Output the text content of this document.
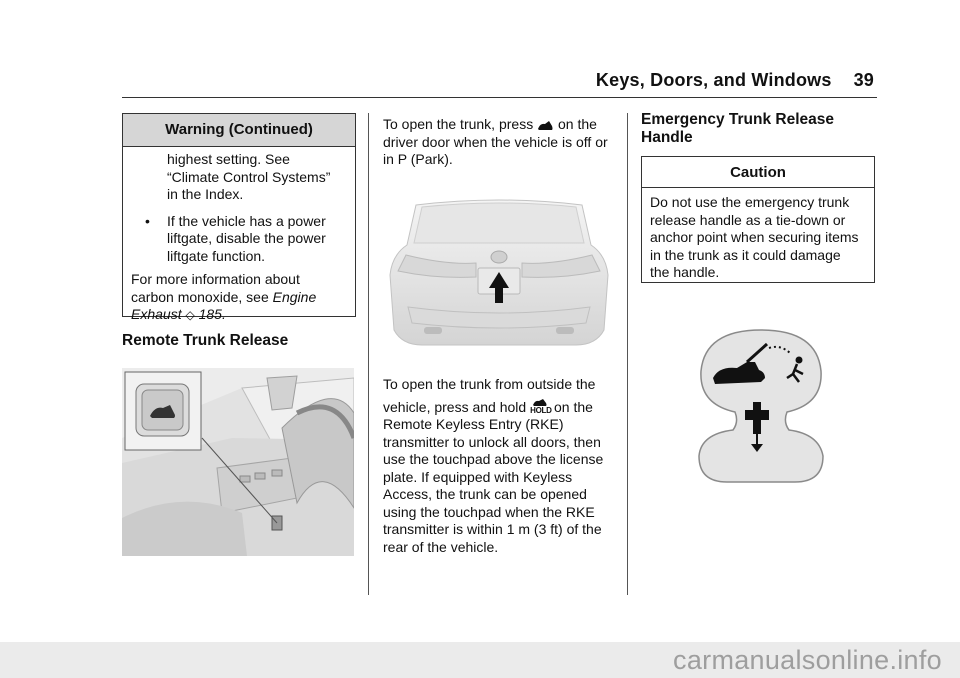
Keys, Doors, and Windows 39
Warning (Continued)

highest setting. See

“Climate Control Systems”

in the Index.

• If the vehicle has a power

liftgate, disable the power

liftgate function.

For more information about

carbon monoxide, see Engine

Exhaust ◇ 185.

Remote Trunk Release

To open the trunk, press  on the

driver door when the vehicle is off or

in P (Park).

To open the trunk from outside the

vehicle, press and hold HOLD
on the

Remote Keyless Entry (RKE)

transmitter to unlock all doors, then

use the touchpad above the license

plate. If equipped with Keyless

Access, the trunk can be opened

using the touchpad when the RKE

transmitter is within 1 m (3 ft) of the

rear of the vehicle.

Emergency Trunk Release
Handle
Caution

Do not use the emergency trunk

release handle as a tie-down or

anchor point when securing items

in the trunk as it could damage

the handle.

carmanualsonline.info
